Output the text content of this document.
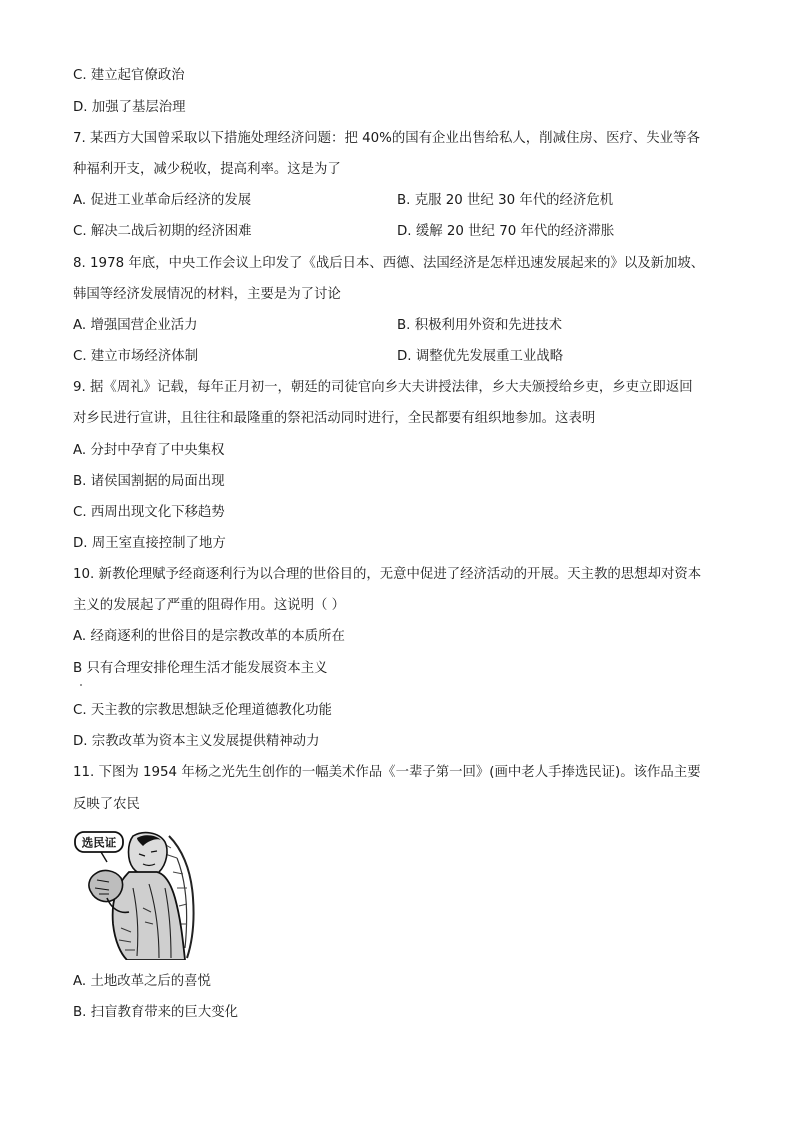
C. 建立起官僚政治
D. 加强了基层治理
7. 某西方大国曾采取以下措施处理经济问题：把 40%的国有企业出售给私人，削减住房、医疗、失业等各
种福利开支，减少税收，提高利率。这是为了
A. 促进工业革命后经济的发展	B. 克服 20 世纪 30 年代的经济危机
C. 解决二战后初期的经济困难	D. 缓解 20 世纪 70 年代的经济滞胀
8. 1978 年底，中央工作会议上印发了《战后日本、西德、法国经济是怎样迅速发展起来的》以及新加坡、
韩国等经济发展情况的材料，主要是为了讨论
A. 增强国营企业活力	B. 积极利用外资和先进技术
C. 建立市场经济体制	D. 调整优先发展重工业战略
9. 据《周礼》记载，每年正月初一，朝廷的司徒官向乡大夫讲授法律，乡大夫颁授给乡吏，乡吏立即返回
对乡民进行宣讲，且往往和最隆重的祭祀活动同时进行，全民都要有组织地参加。这表明
A. 分封中孕育了中央集权
B. 诸侯国割据的局面出现
C. 西周出现文化下移趋势
D. 周王室直接控制了地方
10. 新教伦理赋予经商逐利行为以合理的世俗目的，无意中促进了经济活动的开展。天主教的思想却对资本
主义的发展起了严重的阻碍作用。这说明（ ）
A. 经商逐利的世俗目的是宗教改革的本质所在
B 只有合理安排伦理生活才能发展资本主义
C. 天主教的宗教思想缺乏伦理道德教化功能
D. 宗教改革为资本主义发展提供精神动力
11. 下图为 1954 年杨之光先生创作的一幅美术作品《一辈子第一回》(画中老人手捧选民证)。该作品主要
反映了农民
选民证
A. 土地改革之后的喜悦
B. 扫盲教育带来的巨大变化
